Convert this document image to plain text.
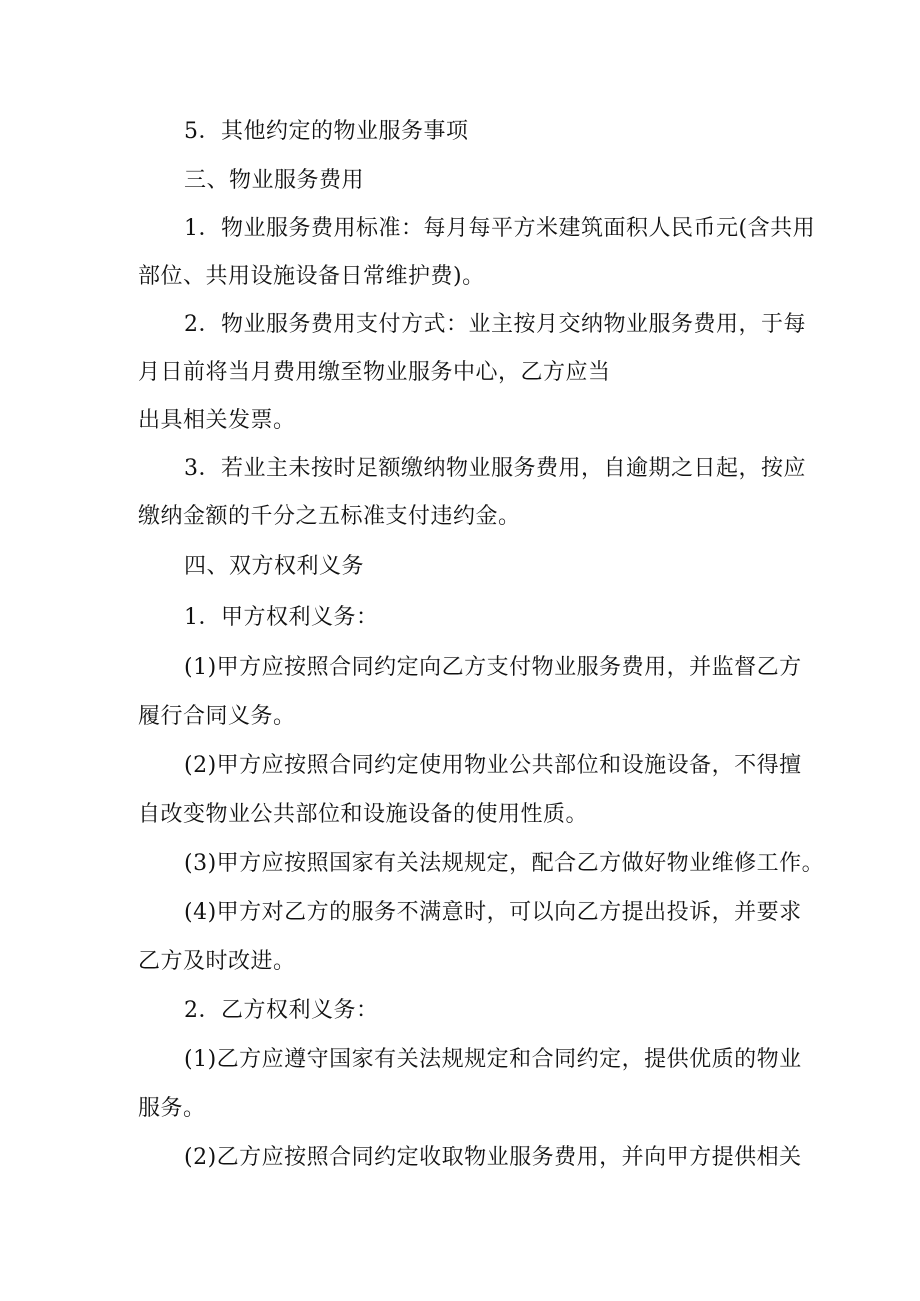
5．其他约定的物业服务事项
三、物业服务费用
1．物业服务费用标准：每月每平方米建筑面积人民币元(含共用
部位、共用设施设备日常维护费)。
2．物业服务费用支付方式：业主按月交纳物业服务费用，于每
月日前将当月费用缴至物业服务中心，乙方应当
出具相关发票。
3．若业主未按时足额缴纳物业服务费用，自逾期之日起，按应
缴纳金额的千分之五标准支付违约金。
四、双方权利义务
1．甲方权利义务：
(1)甲方应按照合同约定向乙方支付物业服务费用，并监督乙方
履行合同义务。
(2)甲方应按照合同约定使用物业公共部位和设施设备，不得擅
自改变物业公共部位和设施设备的使用性质。
(3)甲方应按照国家有关法规规定，配合乙方做好物业维修工作。
(4)甲方对乙方的服务不满意时，可以向乙方提出投诉，并要求
乙方及时改进。
2．乙方权利义务：
(1)乙方应遵守国家有关法规规定和合同约定，提供优质的物业
服务。
(2)乙方应按照合同约定收取物业服务费用，并向甲方提供相关
